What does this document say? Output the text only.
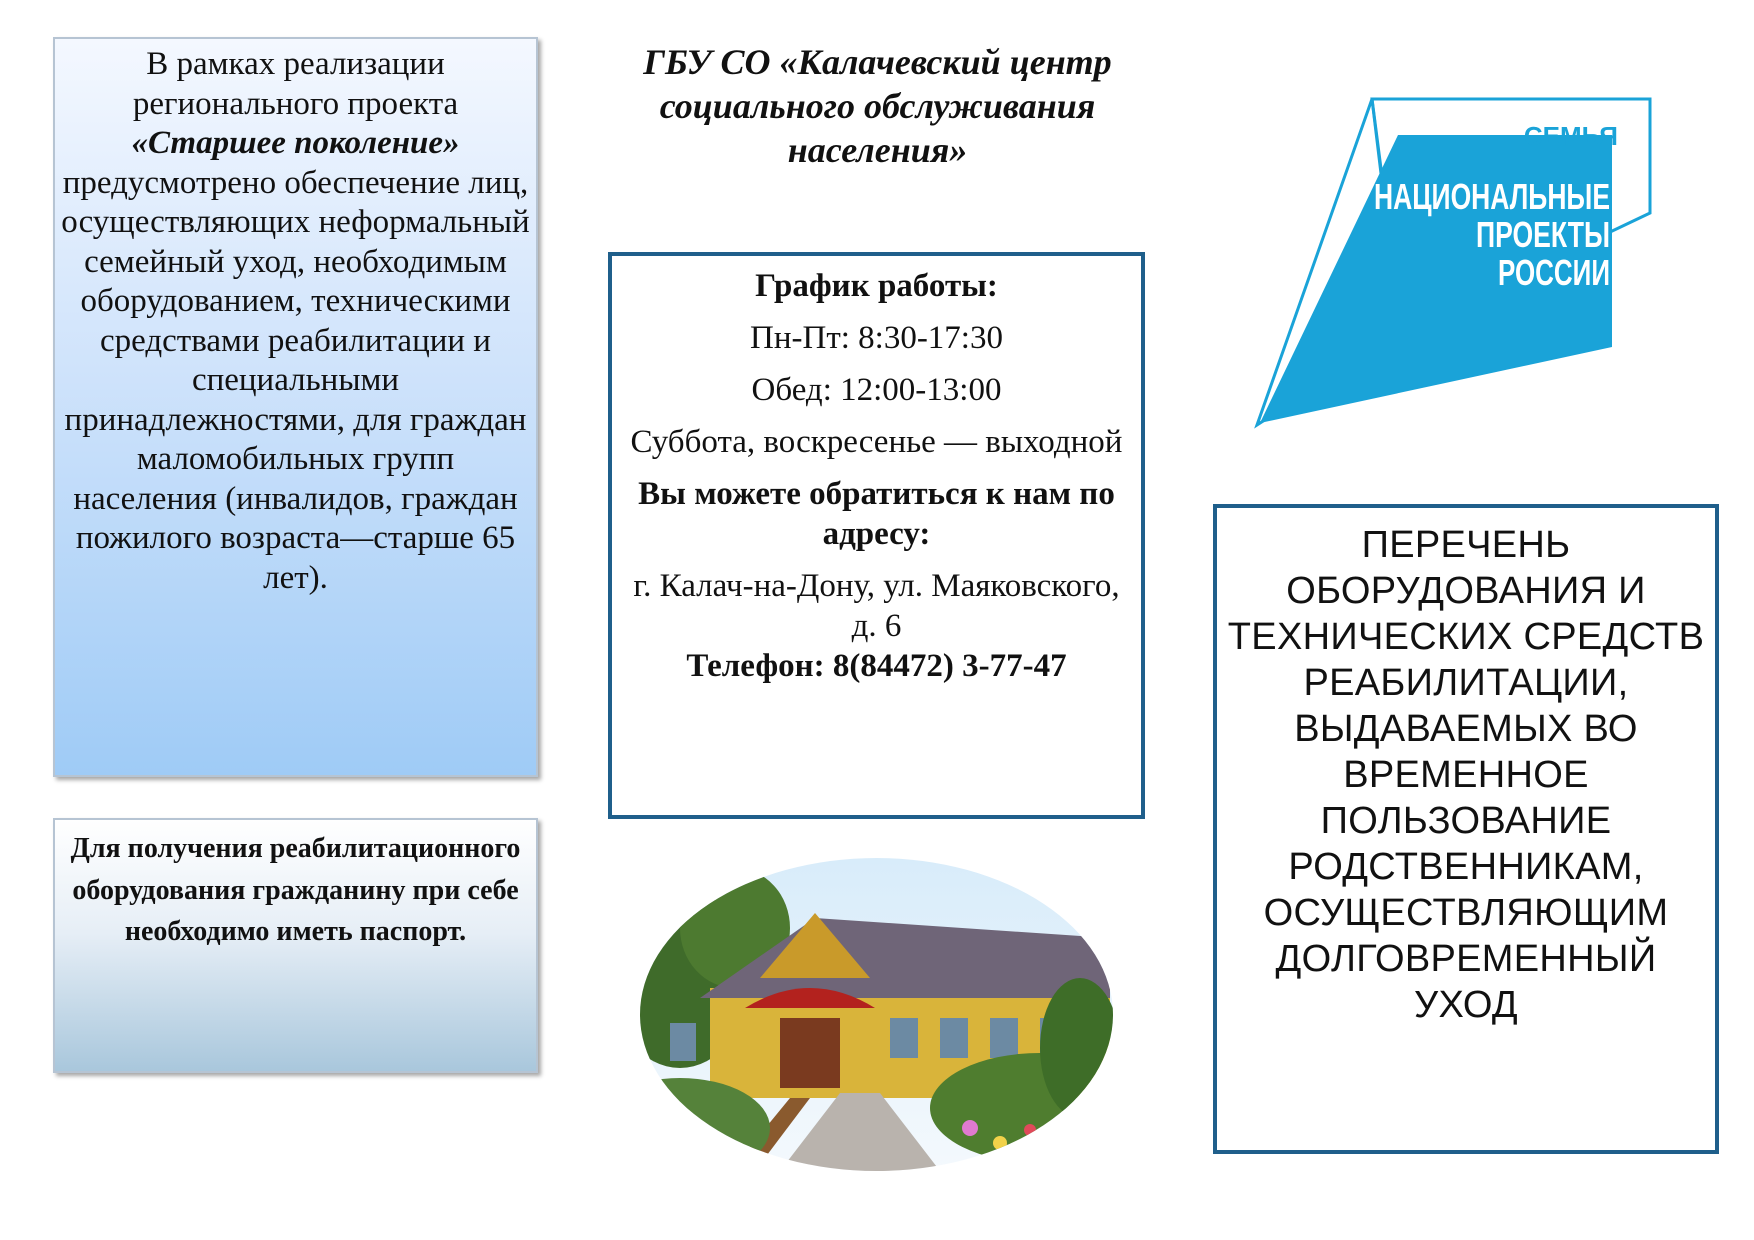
В рамках реализации
регионального проекта
«Старшее поколение»
предусмотрено обеспечение лиц, осуществляющих неформальный семейный уход, необходимым оборудованием, техническими средствами реабилитации и специальными принадлежностями, для граждан маломобильных групп населения (инвалидов, граждан пожилого возраста—старше 65 лет).
Для получения реабилитационного оборудования гражданину при себе необходимо иметь паспорт.
ГБУ СО «Калачевский центр социального обслуживания населения»
График работы:
Пн-Пт: 8:30-17:30
Обед: 12:00-13:00
Суббота, воскресенье — выходной
Вы можете обратиться к нам по адресу:
г. Калач-на-Дону, ул. Маяковского, д. 6
Телефон: 8(84472) 3-77-47
СЕМЬЯ
НАЦИОНАЛЬНЫЕ
ПРОЕКТЫ
РОССИИ
ПЕРЕЧЕНЬ ОБОРУДОВАНИЯ И ТЕХНИЧЕСКИХ СРЕДСТВ РЕАБИЛИТАЦИИ, ВЫДАВАЕМЫХ ВО ВРЕМЕННОЕ ПОЛЬЗОВАНИЕ РОДСТВЕННИКАМ, ОСУЩЕСТВЛЯЮЩИМ ДОЛГОВРЕМЕННЫЙ УХОД
